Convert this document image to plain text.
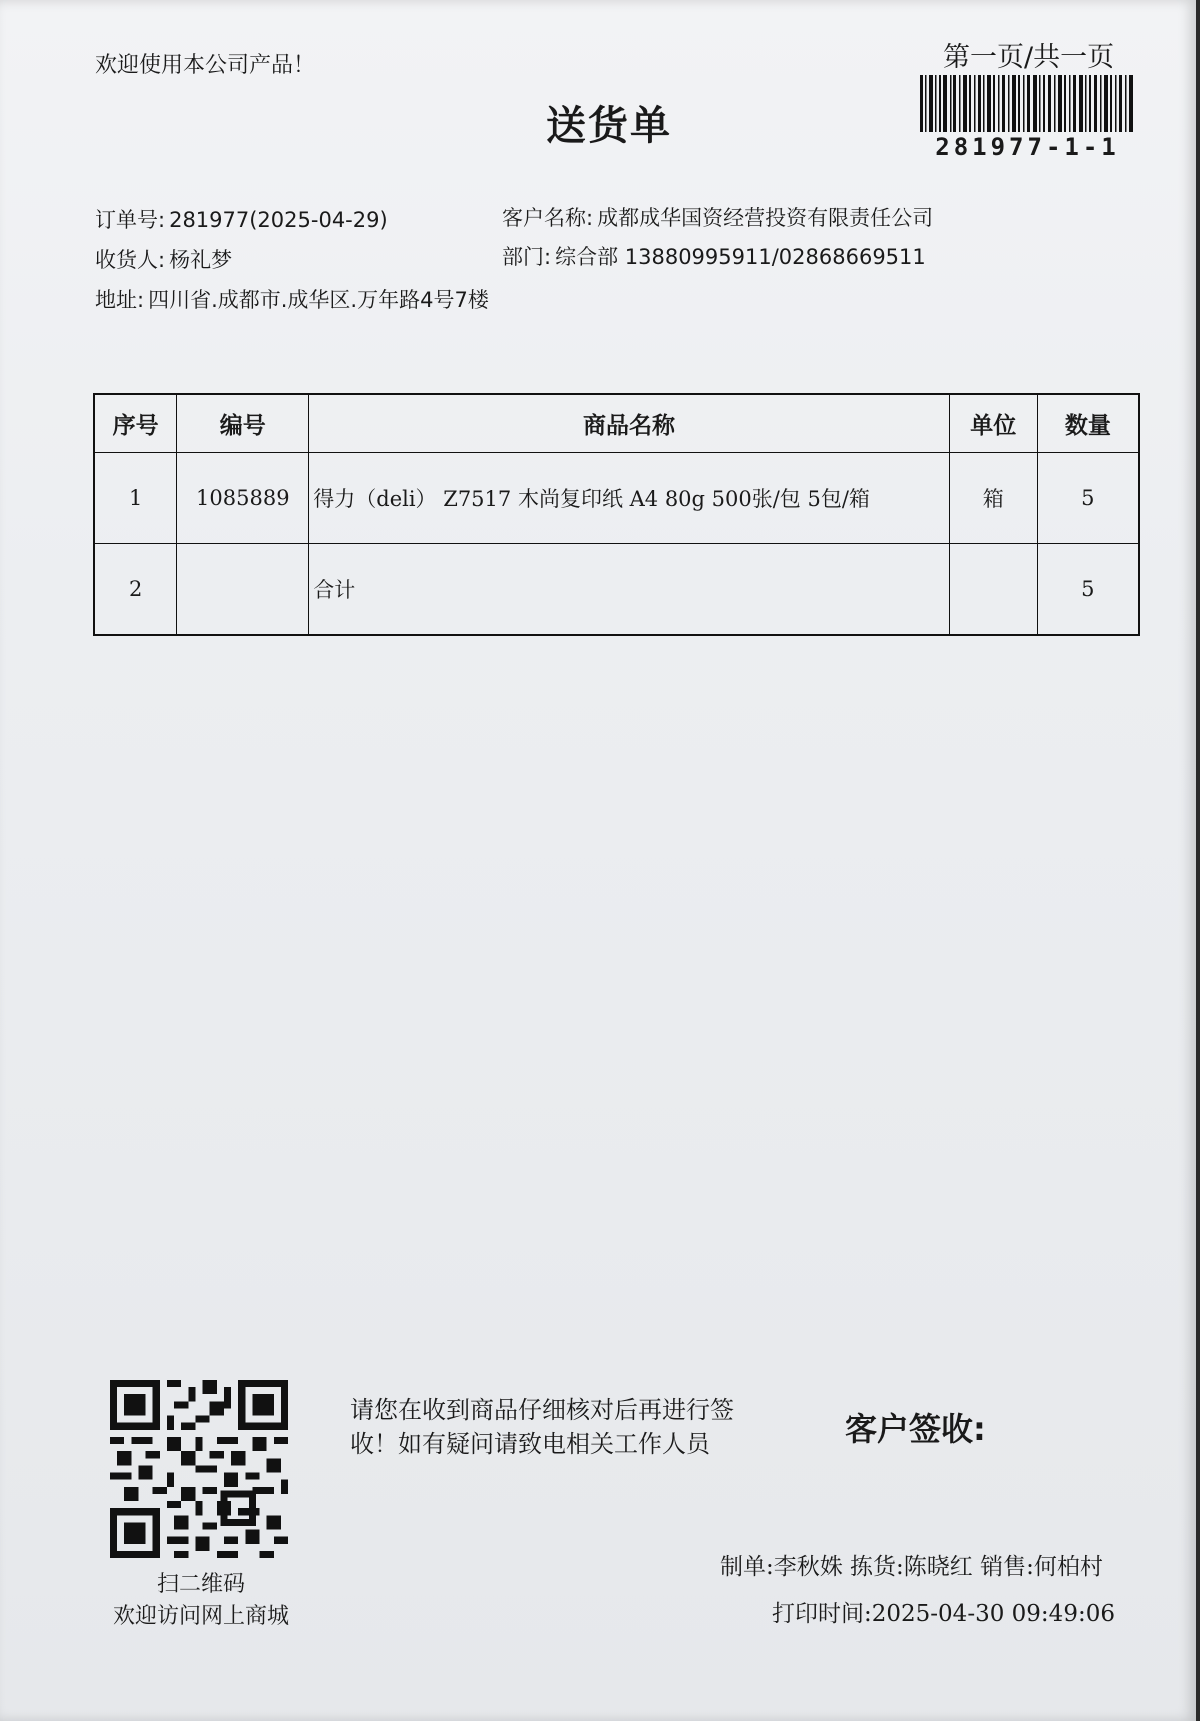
欢迎使用本公司产品！	第一页/共一页
281977-1-1
送货单
订单号: 281977(2025-04-29)	客户名称: 成都成华国资经营投资有限责任公司
收货人: 杨礼梦	部门: 综合部 13880995911/02868669511
地址: 四川省.成都市.成华区.万年路4号7楼
序号	编号	商品名称	单位	数量
1	1085889	得力（deli） Z7517 木尚复印纸 A4 80g 500张/包 5包/箱	箱	5
2		合计		5
扫二维码
欢迎访问网上商城
请您在收到商品仔细核对后再进行签收！如有疑问请致电相关工作人员	客户签收:
制单:李秋姝 拣货:陈晓红 销售:何柏村
打印时间:2025-04-30 09:49:06
